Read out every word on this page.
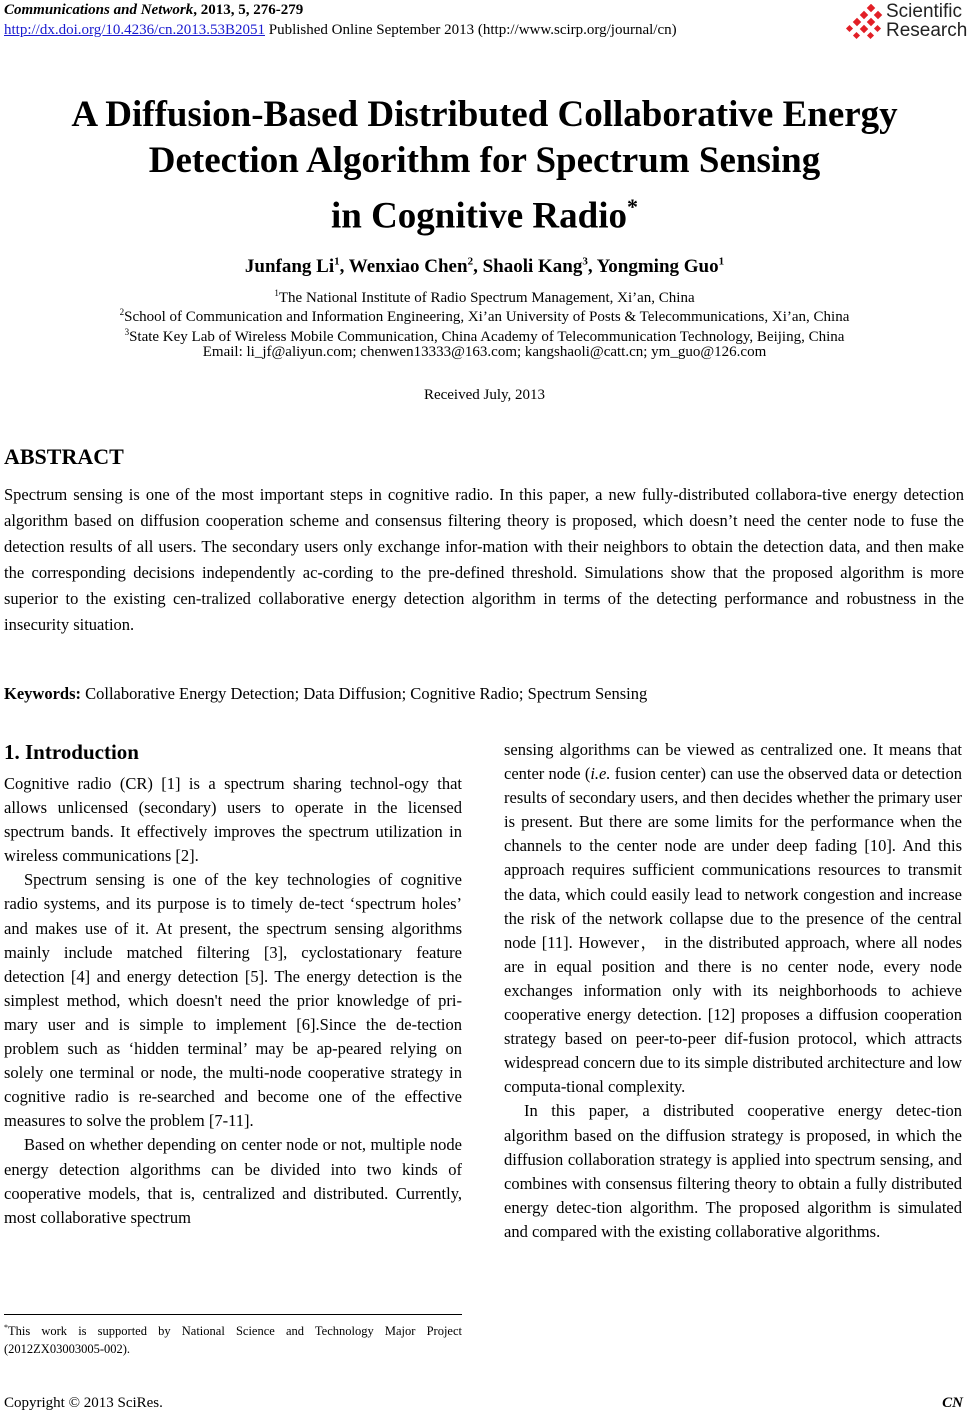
Communications and Network, 2013, 5, 276-279
http://dx.doi.org/10.4236/cn.2013.53B2051 Published Online September 2013 (http://www.scirp.org/journal/cn)
Scientific
Research
A Diffusion-Based Distributed Collaborative Energy
Detection Algorithm for Spectrum Sensing
in Cognitive Radio*
Junfang Li$^1$, Wenxiao Chen$^2$, Shaoli Kang$^3$, Yongming Guo$^1$
$^1$The National Institute of Radio Spectrum Management, Xi’an, China
$^2$School of Communication and Information Engineering, Xi’an University of Posts & Telecommunications, Xi’an, China
$^3$State Key Lab of Wireless Mobile Communication, China Academy of Telecommunication Technology, Beijing, China
Email: li_jf@aliyun.com; chenwen13333@163.com; kangshaoli@catt.cn; ym_guo@126.com
Received July, 2013
ABSTRACT
Spectrum sensing is one of the most important steps in cognitive radio. In this paper, a new fully-distributed collabora-tive energy detection algorithm based on diffusion cooperation scheme and consensus filtering theory is proposed, which doesn’t need the center node to fuse the detection results of all users. The secondary users only exchange infor-mation with their neighbors to obtain the detection data, and then make the corresponding decisions independently ac-cording to the pre-defined threshold. Simulations show that the proposed algorithm is more superior to the existing cen-tralized collaborative energy detection algorithm in terms of the detecting performance and robustness in the insecurity situation.
Keywords: Collaborative Energy Detection; Data Diffusion; Cognitive Radio; Spectrum Sensing
1. Introduction

Cognitive radio (CR) [1] is a spectrum sharing technol-ogy that allows unlicensed (secondary) users to operate in the licensed spectrum bands. It effectively improves the spectrum utilization in wireless communications [2].

Spectrum sensing is one of the key technologies of cognitive radio systems, and its purpose is to timely de-tect ‘spectrum holes’ and makes use of it. At present, the spectrum sensing algorithms mainly include matched filtering [3], cyclostationary feature detection [4] and energy detection [5]. The energy detection is the simplest method, which doesn't need the prior knowledge of pri-mary user and is simple to implement [6].Since the de-tection problem such as ‘hidden terminal’ may be ap-peared relying on solely one terminal or node, the multi-node cooperative strategy in cognitive radio is re-searched and become one of the effective measures to solve the problem [7-11].

Based on whether depending on center node or not, multiple node energy detection algorithms can be divided into two kinds of cooperative models, that is, centralized and distributed. Currently, most collaborative spectrum

sensing algorithms can be viewed as centralized one. It means that center node (i.e. fusion center) can use the observed data or detection results of secondary users, and then decides whether the primary user is present. But there are some limits for the performance when the channels to the center node are under deep fading [10]. And this approach requires sufficient communications resources to transmit the data, which could easily lead to network congestion and increase the risk of the network collapse due to the presence of the central node [11]. However， in the distributed approach, where all nodes are in equal position and there is no center node, every node exchanges information only with its neighborhoods to achieve cooperative energy detection. [12] proposes a diffusion cooperation strategy based on peer-to-peer dif-fusion protocol, which attracts widespread concern due to its simple distributed architecture and low computa-tional complexity.

In this paper, a distributed cooperative energy detec-tion algorithm based on the diffusion strategy is proposed, in which the diffusion collaboration strategy is applied into spectrum sensing, and combines with consensus filtering theory to obtain a fully distributed energy detec-tion algorithm. The proposed algorithm is simulated and compared with the existing collaborative algorithms.

*This work is supported by National Science and Technology Major Project (2012ZX03003005-002).
Copyright © 2013 SciRes.	CN
